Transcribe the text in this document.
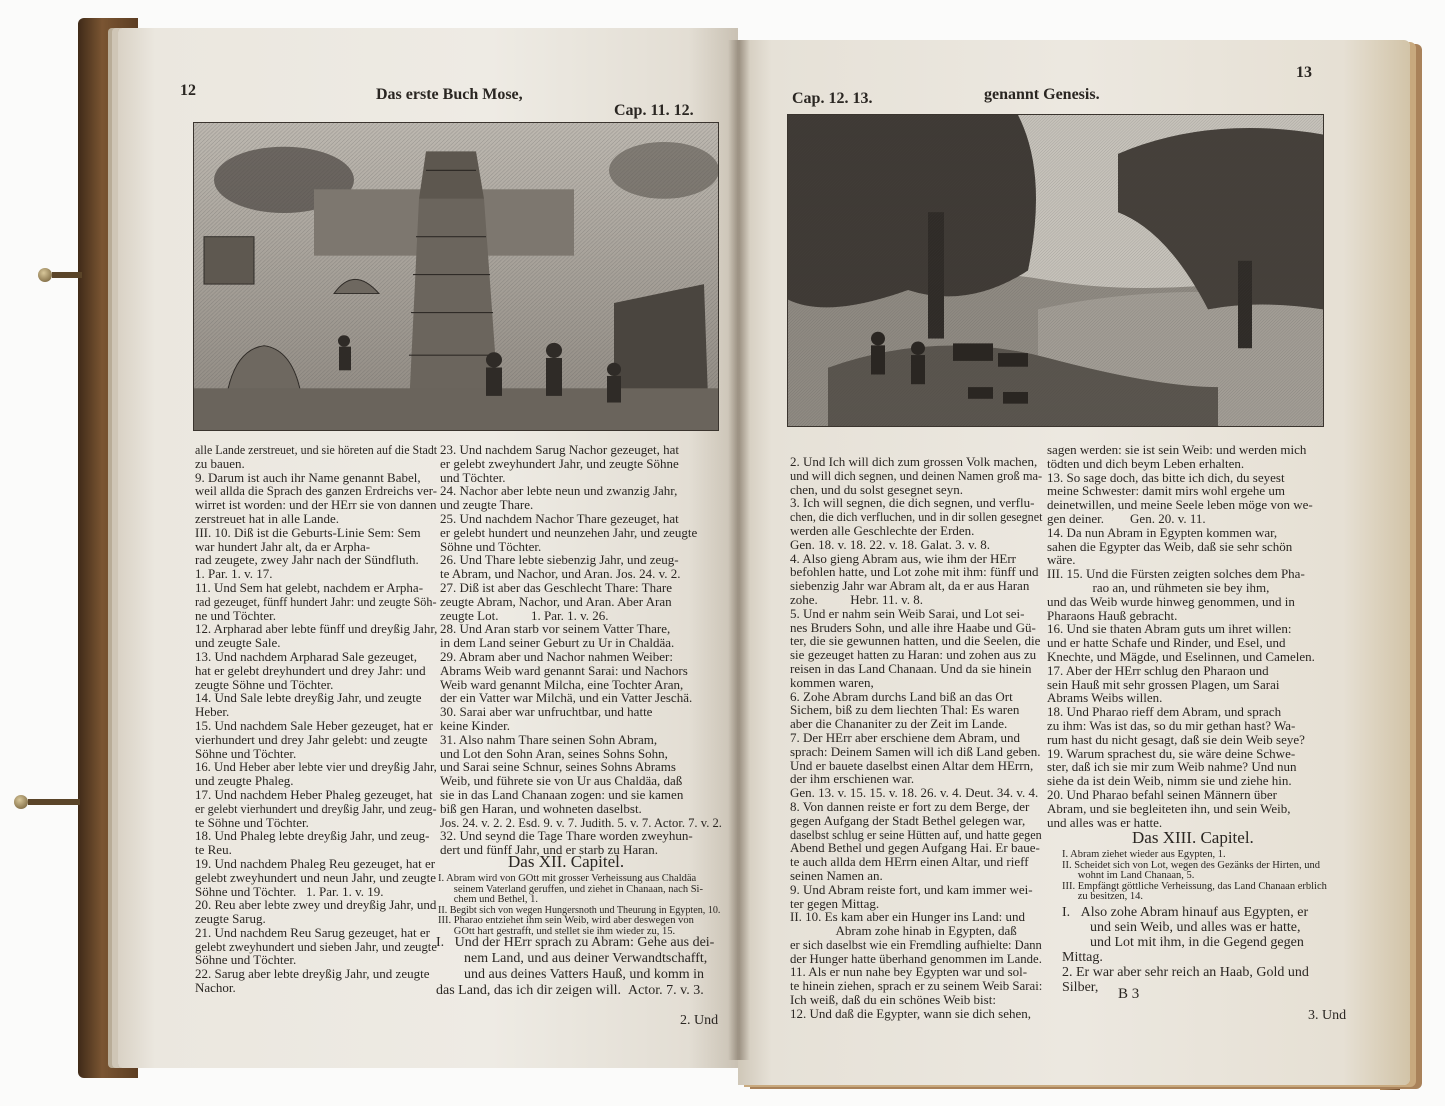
12	Das erste Buch Mose,
Cap. 11. 12.
alle Lande zerstreuet, und sie höreten auf die Stadt
zu bauen.
9. Darum ist auch ihr Name genannt Babel,
weil allda die Sprach des ganzen Erdreichs ver-
wirret ist worden: und der HErr sie von dannen
zerstreuet hat in alle Lande.
III. 10. Diß ist die Geburts-Linie Sem: Sem
war hundert Jahr alt, da er Arpha-
rad zeugete, zwey Jahr nach der Sündfluth.
1. Par. 1. v. 17.
11. Und Sem hat gelebt, nachdem er Arpha-
rad gezeuget, fünff hundert Jahr: und zeugte Söh-
ne und Töchter.
12. Arpharad aber lebte fünff und dreyßig Jahr,
und zeugte Sale.
13. Und nachdem Arpharad Sale gezeuget,
hat er gelebt dreyhundert und drey Jahr: und
zeugte Söhne und Töchter.
14. Und Sale lebte dreyßig Jahr, und zeugte
Heber.
15. Und nachdem Sale Heber gezeuget, hat er
vierhundert und drey Jahr gelebt: und zeugte
Söhne und Töchter.
16. Und Heber aber lebte vier und dreyßig Jahr,
und zeugte Phaleg.
17. Und nachdem Heber Phaleg gezeuget, hat
er gelebt vierhundert und dreyßig Jahr, und zeug-
te Söhne und Töchter.
18. Und Phaleg lebte dreyßig Jahr, und zeug-
te Reu.
19. Und nachdem Phaleg Reu gezeuget, hat er
gelebt zweyhundert und neun Jahr, und zeugte
Söhne und Töchter.   1. Par. 1. v. 19.
20. Reu aber lebte zwey und dreyßig Jahr, und
zeugte Sarug.
21. Und nachdem Reu Sarug gezeuget, hat er
gelebt zweyhundert und sieben Jahr, und zeugte
Söhne und Töchter.
22. Sarug aber lebte dreyßig Jahr, und zeugte
Nachor.
23. Und nachdem Sarug Nachor gezeuget, hat
er gelebt zweyhundert Jahr, und zeugte Söhne
und Töchter.
24. Nachor aber lebte neun und zwanzig Jahr,
und zeugte Thare.
25. Und nachdem Nachor Thare gezeuget, hat
er gelebt hundert und neunzehen Jahr, und zeugte
Söhne und Töchter.
26. Und Thare lebte siebenzig Jahr, und zeug-
te Abram, und Nachor, und Aran. Jos. 24. v. 2.
27. Diß ist aber das Geschlecht Thare: Thare
zeugte Abram, Nachor, und Aran. Aber Aran
zeugte Lot.          1. Par. 1. v. 26.
28. Und Aran starb vor seinem Vatter Thare,
in dem Land seiner Geburt zu Ur in Chaldäa.
29. Abram aber und Nachor nahmen Weiber:
Abrams Weib ward genannt Sarai: und Nachors
Weib ward genannt Milcha, eine Tochter Aran,
der ein Vatter war Milchä, und ein Vatter Jeschä.
30. Sarai aber war unfruchtbar, und hatte
keine Kinder.
31. Also nahm Thare seinen Sohn Abram,
und Lot den Sohn Aran, seines Sohns Sohn,
und Sarai seine Schnur, seines Sohns Abrams
Weib, und führete sie von Ur aus Chaldäa, daß
sie in das Land Chanaan zogen: und sie kamen
biß gen Haran, und wohneten daselbst.
Jos. 24. v. 2. 2. Esd. 9. v. 7. Judith. 5. v. 7. Actor. 7. v. 2.
32. Und seynd die Tage Thare worden zweyhun-
dert und fünff Jahr, und er starb zu Haran.
Das XII. Capitel.
I. Abram wird von GOtt mit grosser Verheissung aus Chaldäa
seinem Vaterland geruffen, und ziehet in Chanaan, nach Si-
chem und Bethel, 1.
II. Begibt sich von wegen Hungersnoth und Theurung in Egypten, 10.
III. Pharao entziehet ihm sein Weib, wird aber deswegen von
GOtt hart gestrafft, und stellet sie ihm wieder zu, 15.
I.   Und der HErr sprach zu Abram: Gehe aus dei-
nem Land, und aus deiner Verwandtschafft,
und aus deines Vatters Hauß, und komm in
das Land, das ich dir zeigen will.  Actor. 7. v. 3.
2. Und
Cap. 12. 13.	genannt Genesis.
13
2. Und Ich will dich zum grossen Volk machen,
und will dich segnen, und deinen Namen groß ma-
chen, und du solst gesegnet seyn.
3. Ich will segnen, die dich segnen, und verflu-
chen, die dich verfluchen, und in dir sollen gesegnet
werden alle Geschlechte der Erden.
Gen. 18. v. 18. 22. v. 18. Galat. 3. v. 8.
4. Also gieng Abram aus, wie ihm der HErr
befohlen hatte, und Lot zohe mit ihm: fünff und
siebenzig Jahr war Abram alt, da er aus Haran
zohe.          Hebr. 11. v. 8.
5. Und er nahm sein Weib Sarai, und Lot sei-
nes Bruders Sohn, und alle ihre Haabe und Gü-
ter, die sie gewunnen hatten, und die Seelen, die
sie gezeuget hatten zu Haran: und zohen aus zu
reisen in das Land Chanaan. Und da sie hinein
kommen waren,
6. Zohe Abram durchs Land biß an das Ort
Sichem, biß zu dem liechten Thal: Es waren
aber die Chananiter zu der Zeit im Lande.
7. Der HErr aber erschiene dem Abram, und
sprach: Deinem Samen will ich diß Land geben.
Und er bauete daselbst einen Altar dem HErrn,
der ihm erschienen war.
Gen. 13. v. 15. 15. v. 18. 26. v. 4. Deut. 34. v. 4.
8. Von dannen reiste er fort zu dem Berge, der
gegen Aufgang der Stadt Bethel gelegen war,
daselbst schlug er seine Hütten auf, und hatte gegen
Abend Bethel und gegen Aufgang Hai. Er baue-
te auch allda dem HErrn einen Altar, und rieff
seinen Namen an.
9. Und Abram reiste fort, und kam immer wei-
ter gegen Mittag.
II. 10. Es kam aber ein Hunger ins Land: und
Abram zohe hinab in Egypten, daß
er sich daselbst wie ein Fremdling aufhielte: Dann
der Hunger hatte überhand genommen im Lande.
11. Als er nun nahe bey Egypten war und sol-
te hinein ziehen, sprach er zu seinem Weib Sarai:
Ich weiß, daß du ein schönes Weib bist:
12. Und daß die Egypter, wann sie dich sehen,
sagen werden: sie ist sein Weib: und werden mich
tödten und dich beym Leben erhalten.
13. So sage doch, das bitte ich dich, du seyest
meine Schwester: damit mirs wohl ergehe um
deinetwillen, und meine Seele leben möge von we-
gen deiner.        Gen. 20. v. 11.
14. Da nun Abram in Egypten kommen war,
sahen die Egypter das Weib, daß sie sehr schön
wäre.
III. 15. Und die Fürsten zeigten solches dem Pha-
rao an, und rühmeten sie bey ihm,
und das Weib wurde hinweg genommen, und in
Pharaons Hauß gebracht.
16. Und sie thaten Abram guts um ihret willen:
und er hatte Schafe und Rinder, und Esel, und
Knechte, und Mägde, und Eselinnen, und Camelen.
17. Aber der HErr schlug den Pharaon und
sein Hauß mit sehr grossen Plagen, um Sarai
Abrams Weibs willen.
18. Und Pharao rieff dem Abram, und sprach
zu ihm: Was ist das, so du mir gethan hast? Wa-
rum hast du nicht gesagt, daß sie dein Weib seye?
19. Warum sprachest du, sie wäre deine Schwe-
ster, daß ich sie mir zum Weib nahme? Und nun
siehe da ist dein Weib, nimm sie und ziehe hin.
20. Und Pharao befahl seinen Männern über
Abram, und sie begleiteten ihn, und sein Weib,
und alles was er hatte.
Das XIII. Capitel.
I. Abram ziehet wieder aus Egypten, 1.
II. Scheidet sich von Lot, wegen des Gezänks der Hirten, und
wohnt im Land Chanaan, 5.
III. Empfängt göttliche Verheissung, das Land Chanaan erblich
zu besitzen, 14.
I.   Also zohe Abram hinauf aus Egypten, er
und sein Weib, und alles was er hatte,
und Lot mit ihm, in die Gegend gegen
Mittag.
2. Er war aber sehr reich an Haab, Gold und
Silber,	B 3
3. Und
